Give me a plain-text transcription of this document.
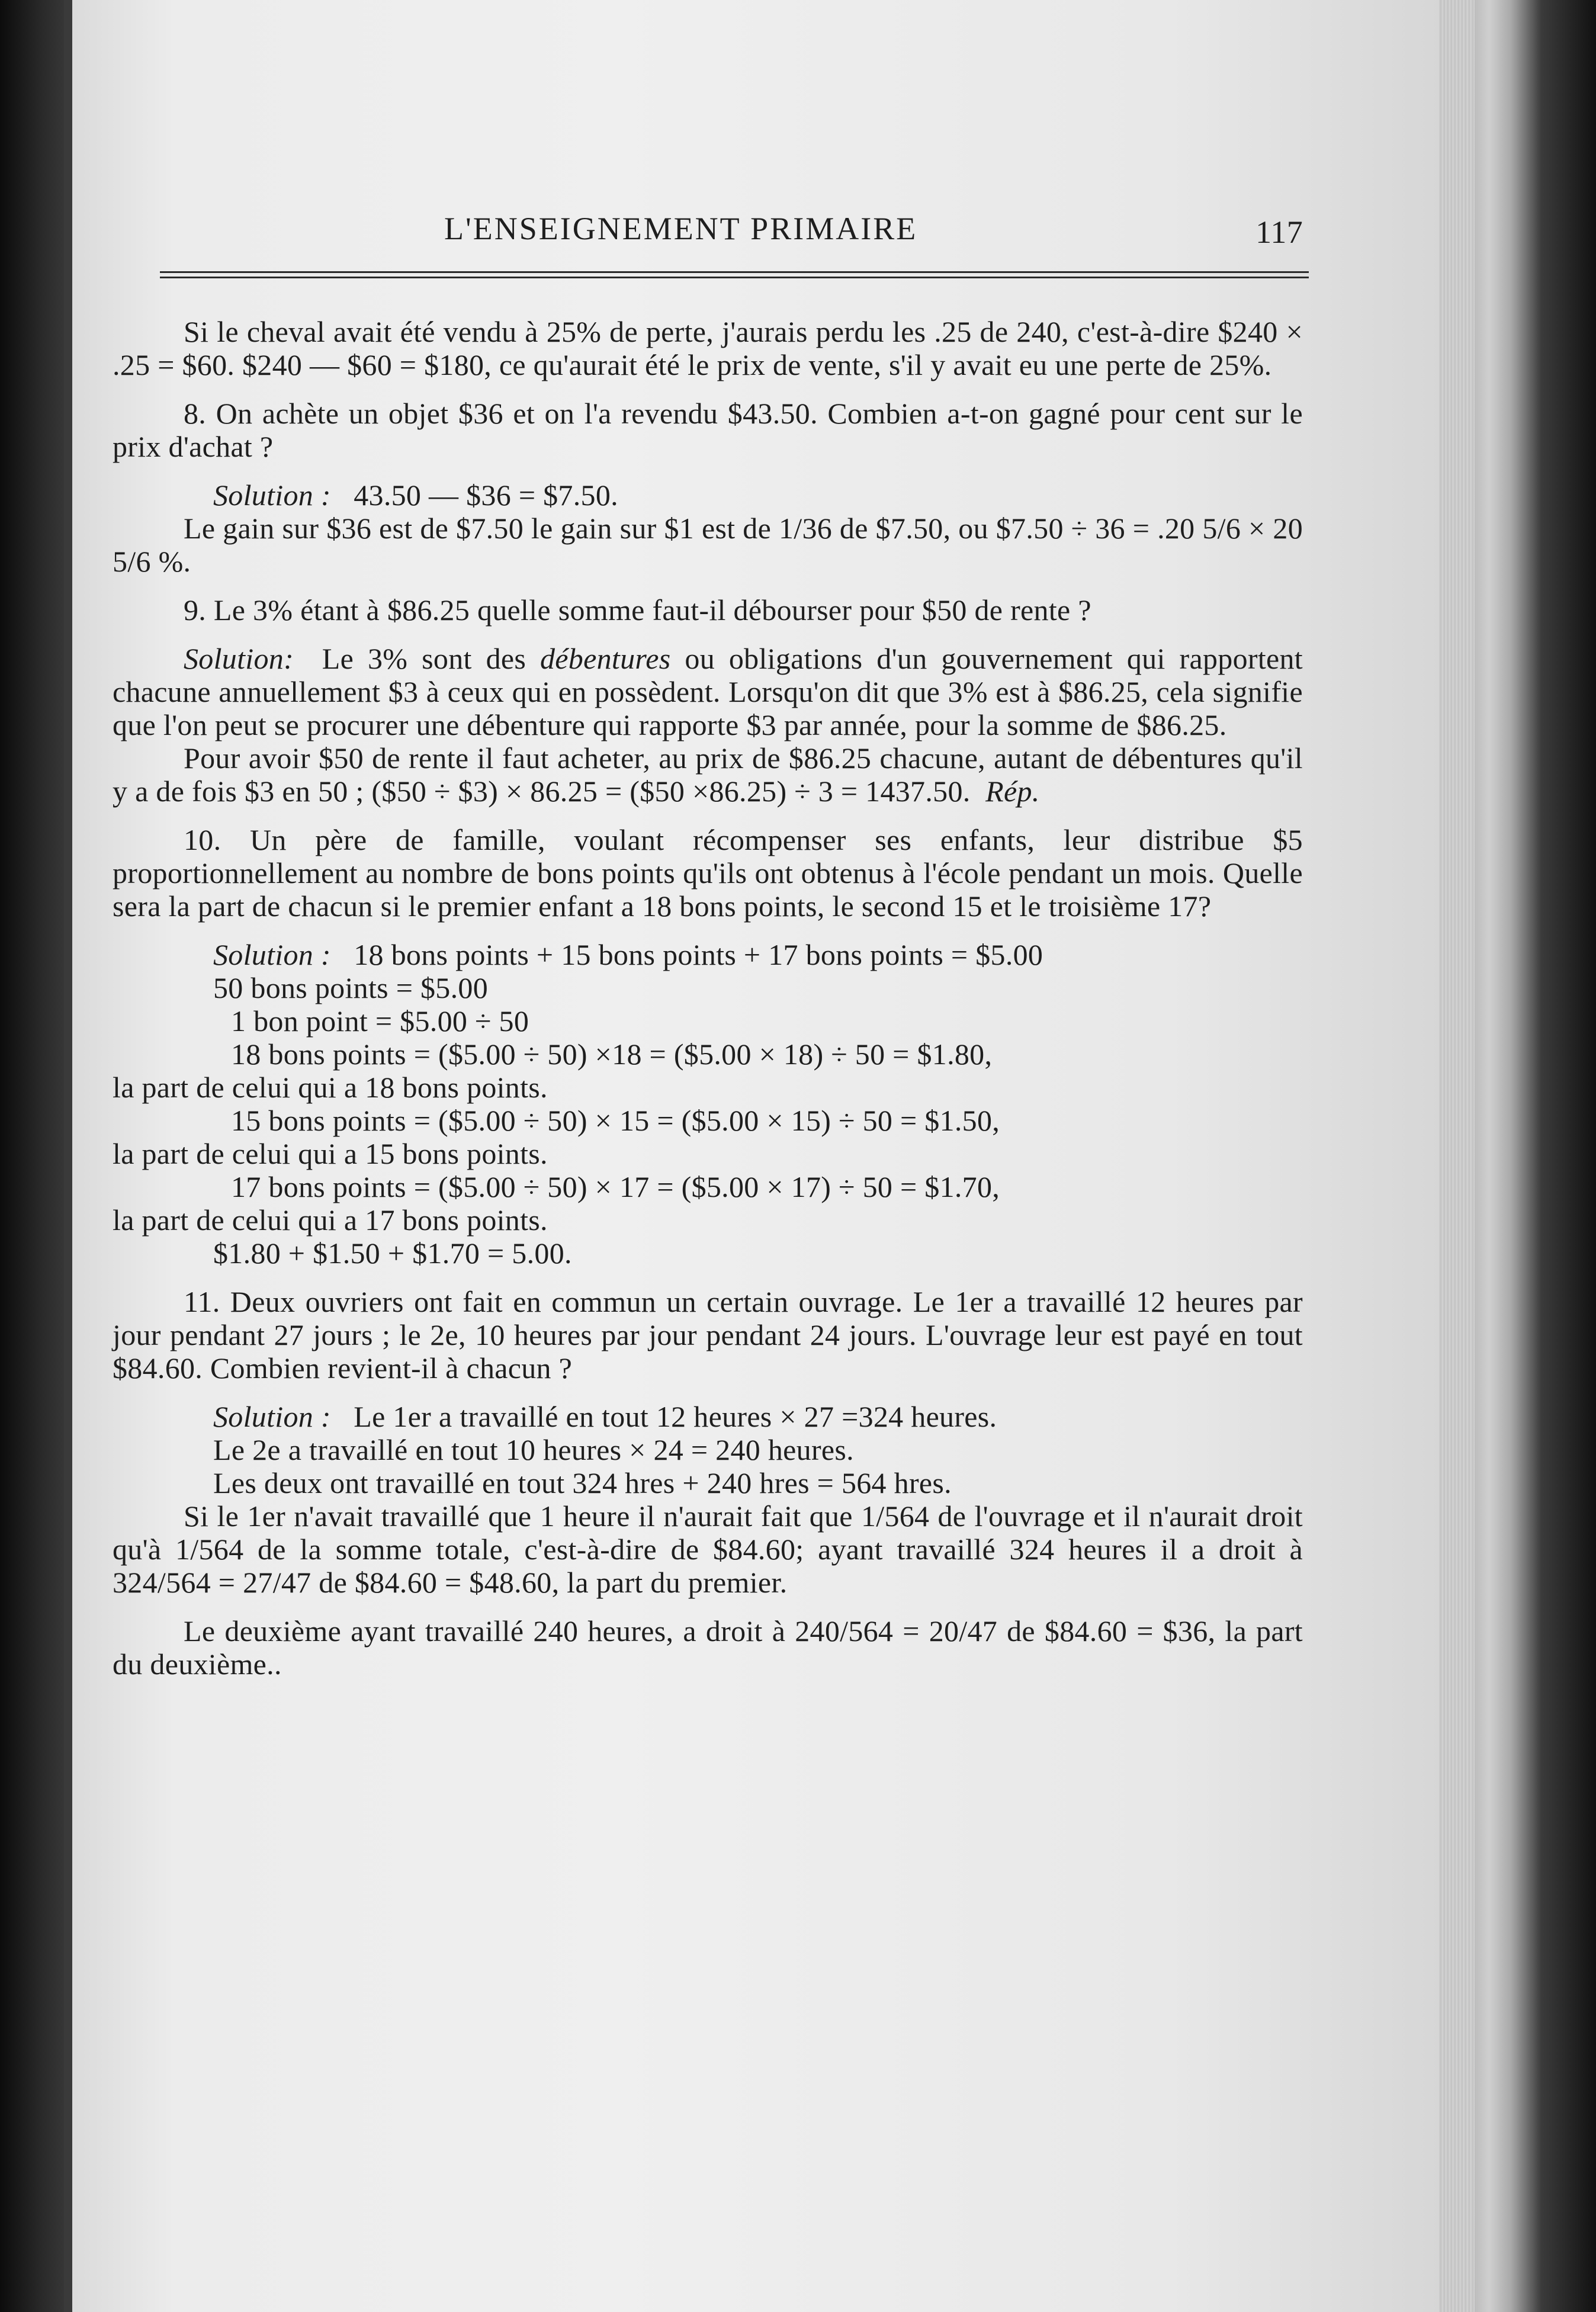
L'ENSEIGNEMENT PRIMAIRE	117

Si le cheval avait été vendu à 25% de perte, j'aurais perdu les .25 de 240, c'est-à-dire $240 × .25 = $60. $240 — $60 = $180, ce qu'aurait été le prix de vente, s'il y avait eu une perte de 25%.

8. On achète un objet $36 et on l'a revendu $43.50. Combien a-t-on gagné pour cent sur le prix d'achat ?

Solution : 43.50 — $36 = $7.50.

Le gain sur $36 est de $7.50 le gain sur $1 est de 1/36 de $7.50, ou $7.50 ÷ 36 = .20 5/6 × 20 5/6 %.

9. Le 3% étant à $86.25 quelle somme faut-il débourser pour $50 de rente ?

Solution: Le 3% sont des débentures ou obligations d'un gouvernement qui rapportent chacune annuellement $3 à ceux qui en possèdent. Lorsqu'on dit que 3% est à $86.25, cela signifie que l'on peut se procurer une débenture qui rapporte $3 par année, pour la somme de $86.25.

Pour avoir $50 de rente il faut acheter, au prix de $86.25 chacune, autant de débentures qu'il y a de fois $3 en 50 ; ($50 ÷ $3) × 86.25 = ($50 ×86.25) ÷ 3 = 1437.50. Rép.

10. Un père de famille, voulant récompenser ses enfants, leur distribue $5 proportionnellement au nombre de bons points qu'ils ont obtenus à l'école pendant un mois. Quelle sera la part de chacun si le premier enfant a 18 bons points, le second 15 et le troisième 17?

Solution : 18 bons points + 15 bons points + 17 bons points = $5.00

50 bons points = $5.00

1 bon point = $5.00 ÷ 50

18 bons points = ($5.00 ÷ 50) ×18 = ($5.00 × 18) ÷ 50 = $1.80,

la part de celui qui a 18 bons points.

15 bons points = ($5.00 ÷ 50) × 15 = ($5.00 × 15) ÷ 50 = $1.50,

la part de celui qui a 15 bons points.

17 bons points = ($5.00 ÷ 50) × 17 = ($5.00 × 17) ÷ 50 = $1.70,

la part de celui qui a 17 bons points.

$1.80 + $1.50 + $1.70 = 5.00.

11. Deux ouvriers ont fait en commun un certain ouvrage. Le 1er a travaillé 12 heures par jour pendant 27 jours ; le 2e, 10 heures par jour pendant 24 jours. L'ouvrage leur est payé en tout $84.60. Combien revient-il à chacun ?

Solution : Le 1er a travaillé en tout 12 heures × 27 =324 heures.

Le 2e a travaillé en tout 10 heures × 24 = 240 heures.

Les deux ont travaillé en tout 324 hres + 240 hres = 564 hres.

Si le 1er n'avait travaillé que 1 heure il n'aurait fait que 1/564 de l'ouvrage et il n'aurait droit qu'à 1/564 de la somme totale, c'est-à-dire de $84.60; ayant travaillé 324 heures il a droit à 324/564 = 27/47 de $84.60 = $48.60, la part du premier.

Le deuxième ayant travaillé 240 heures, a droit à 240/564 = 20/47 de $84.60 = $36, la part du deuxième..
